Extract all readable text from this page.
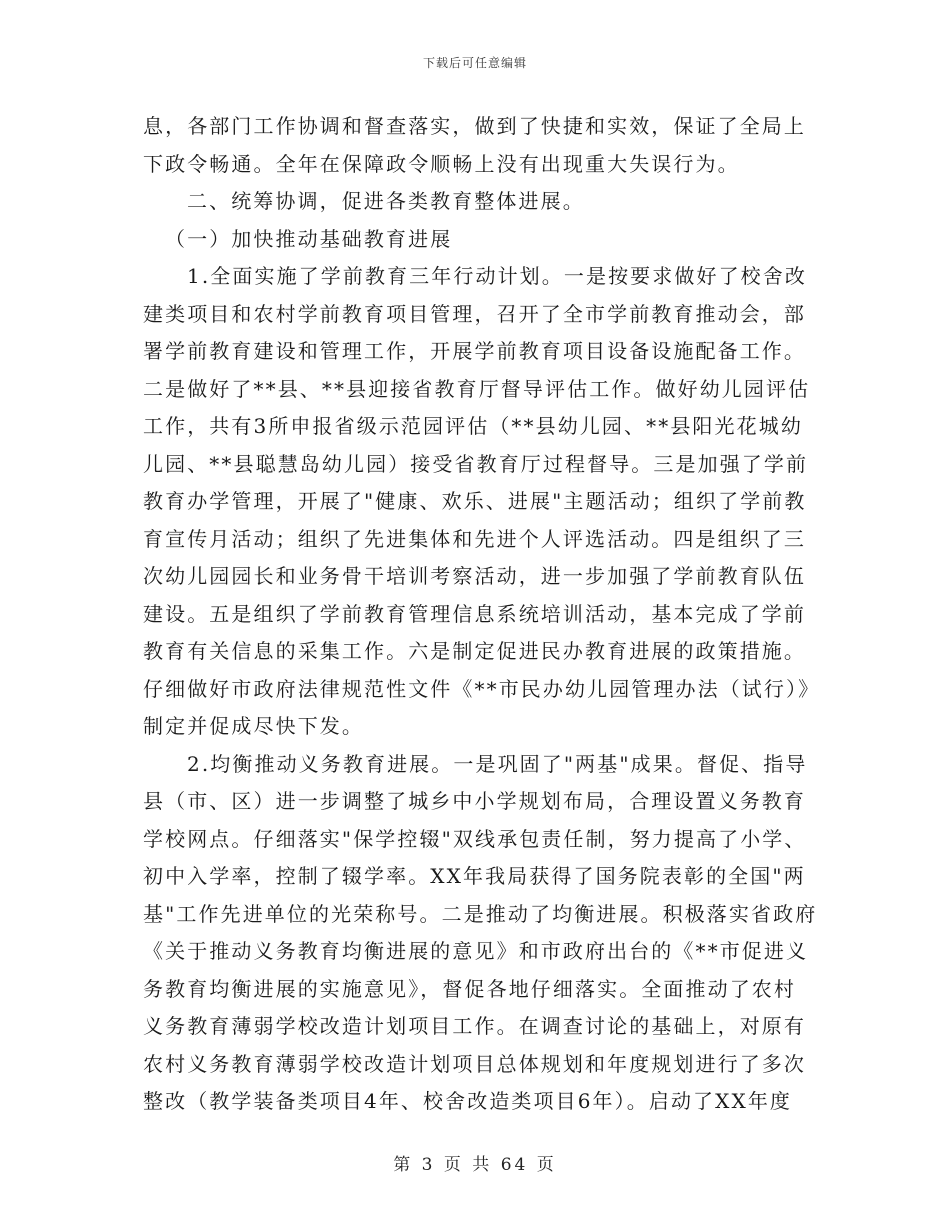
下载后可任意编辑
息，各部门工作协调和督查落实，做到了快捷和实效，保证了全局上
下政令畅通。全年在保障政令顺畅上没有出现重大失误行为。
二、统筹协调，促进各类教育整体进展。
（一）加快推动基础教育进展
1.全面实施了学前教育三年行动计划。一是按要求做好了校舍改
建类项目和农村学前教育项目管理，召开了全市学前教育推动会，部
署学前教育建设和管理工作，开展学前教育项目设备设施配备工作。
二是做好了**县、**县迎接省教育厅督导评估工作。做好幼儿园评估
工作，共有3所申报省级示范园评估（**县幼儿园、**县阳光花城幼
儿园、**县聪慧岛幼儿园）接受省教育厅过程督导。三是加强了学前
教育办学管理，开展了"健康、欢乐、进展"主题活动；组织了学前教
育宣传月活动；组织了先进集体和先进个人评选活动。四是组织了三
次幼儿园园长和业务骨干培训考察活动，进一步加强了学前教育队伍
建设。五是组织了学前教育管理信息系统培训活动，基本完成了学前
教育有关信息的采集工作。六是制定促进民办教育进展的政策措施。
仔细做好市政府法律规范性文件《**市民办幼儿园管理办法（试行）》
制定并促成尽快下发。
2.均衡推动义务教育进展。一是巩固了"两基"成果。督促、指导
县（市、区）进一步调整了城乡中小学规划布局，合理设置义务教育
学校网点。仔细落实"保学控辍"双线承包责任制，努力提高了小学、
初中入学率，控制了辍学率。XX年我局获得了国务院表彰的全国"两
基"工作先进单位的光荣称号。二是推动了均衡进展。积极落实省政府
《关于推动义务教育均衡进展的意见》和市政府出台的《**市促进义
务教育均衡进展的实施意见》，督促各地仔细落实。全面推动了农村
义务教育薄弱学校改造计划项目工作。在调查讨论的基础上，对原有
农村义务教育薄弱学校改造计划项目总体规划和年度规划进行了多次
整改（教学装备类项目4年、校舍改造类项目6年）。启动了XX年度
第 3 页 共 64 页
